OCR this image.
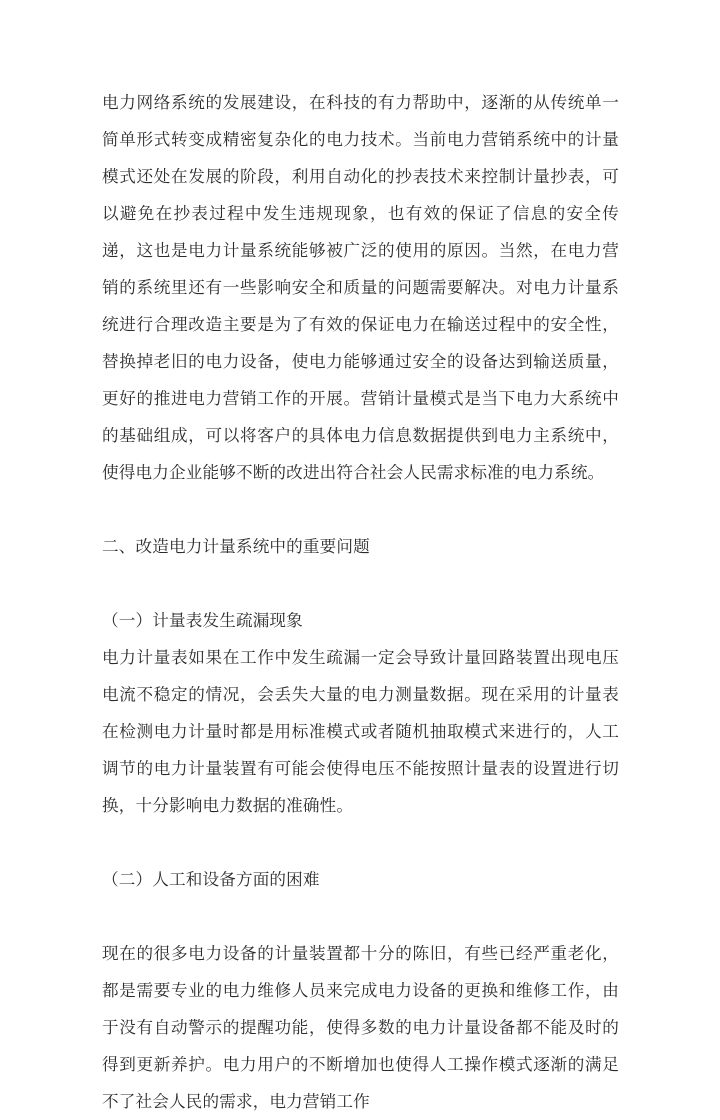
电力网络系统的发展建设，在科技的有力帮助中，逐渐的从传统单一简单形式转变成精密复杂化的电力技术。当前电力营销系统中的计量模式还处在发展的阶段，利用自动化的抄表技术来控制计量抄表，可以避免在抄表过程中发生违规现象，也有效的保证了信息的安全传递，这也是电力计量系统能够被广泛的使用的原因。当然，在电力营销的系统里还有一些影响安全和质量的问题需要解决。对电力计量系统进行合理改造主要是为了有效的保证电力在输送过程中的安全性，替换掉老旧的电力设备，使电力能够通过安全的设备达到输送质量，更好的推进电力营销工作的开展。营销计量模式是当下电力大系统中的基础组成，可以将客户的具体电力信息数据提供到电力主系统中，使得电力企业能够不断的改进出符合社会人民需求标准的电力系统。

二、改造电力计量系统中的重要问题

（一）计量表发生疏漏现象

电力计量表如果在工作中发生疏漏一定会导致计量回路装置出现电压电流不稳定的情况，会丢失大量的电力测量数据。现在采用的计量表在检测电力计量时都是用标准模式或者随机抽取模式来进行的，人工调节的电力计量装置有可能会使得电压不能按照计量表的设置进行切换，十分影响电力数据的准确性。

（二）人工和设备方面的困难

现在的很多电力设备的计量装置都十分的陈旧，有些已经严重老化，都是需要专业的电力维修人员来完成电力设备的更换和维修工作，由于没有自动警示的提醒功能，使得多数的电力计量设备都不能及时的得到更新养护。电力用户的不断增加也使得人工操作模式逐渐的满足不了社会人民的需求，电力营销工作
